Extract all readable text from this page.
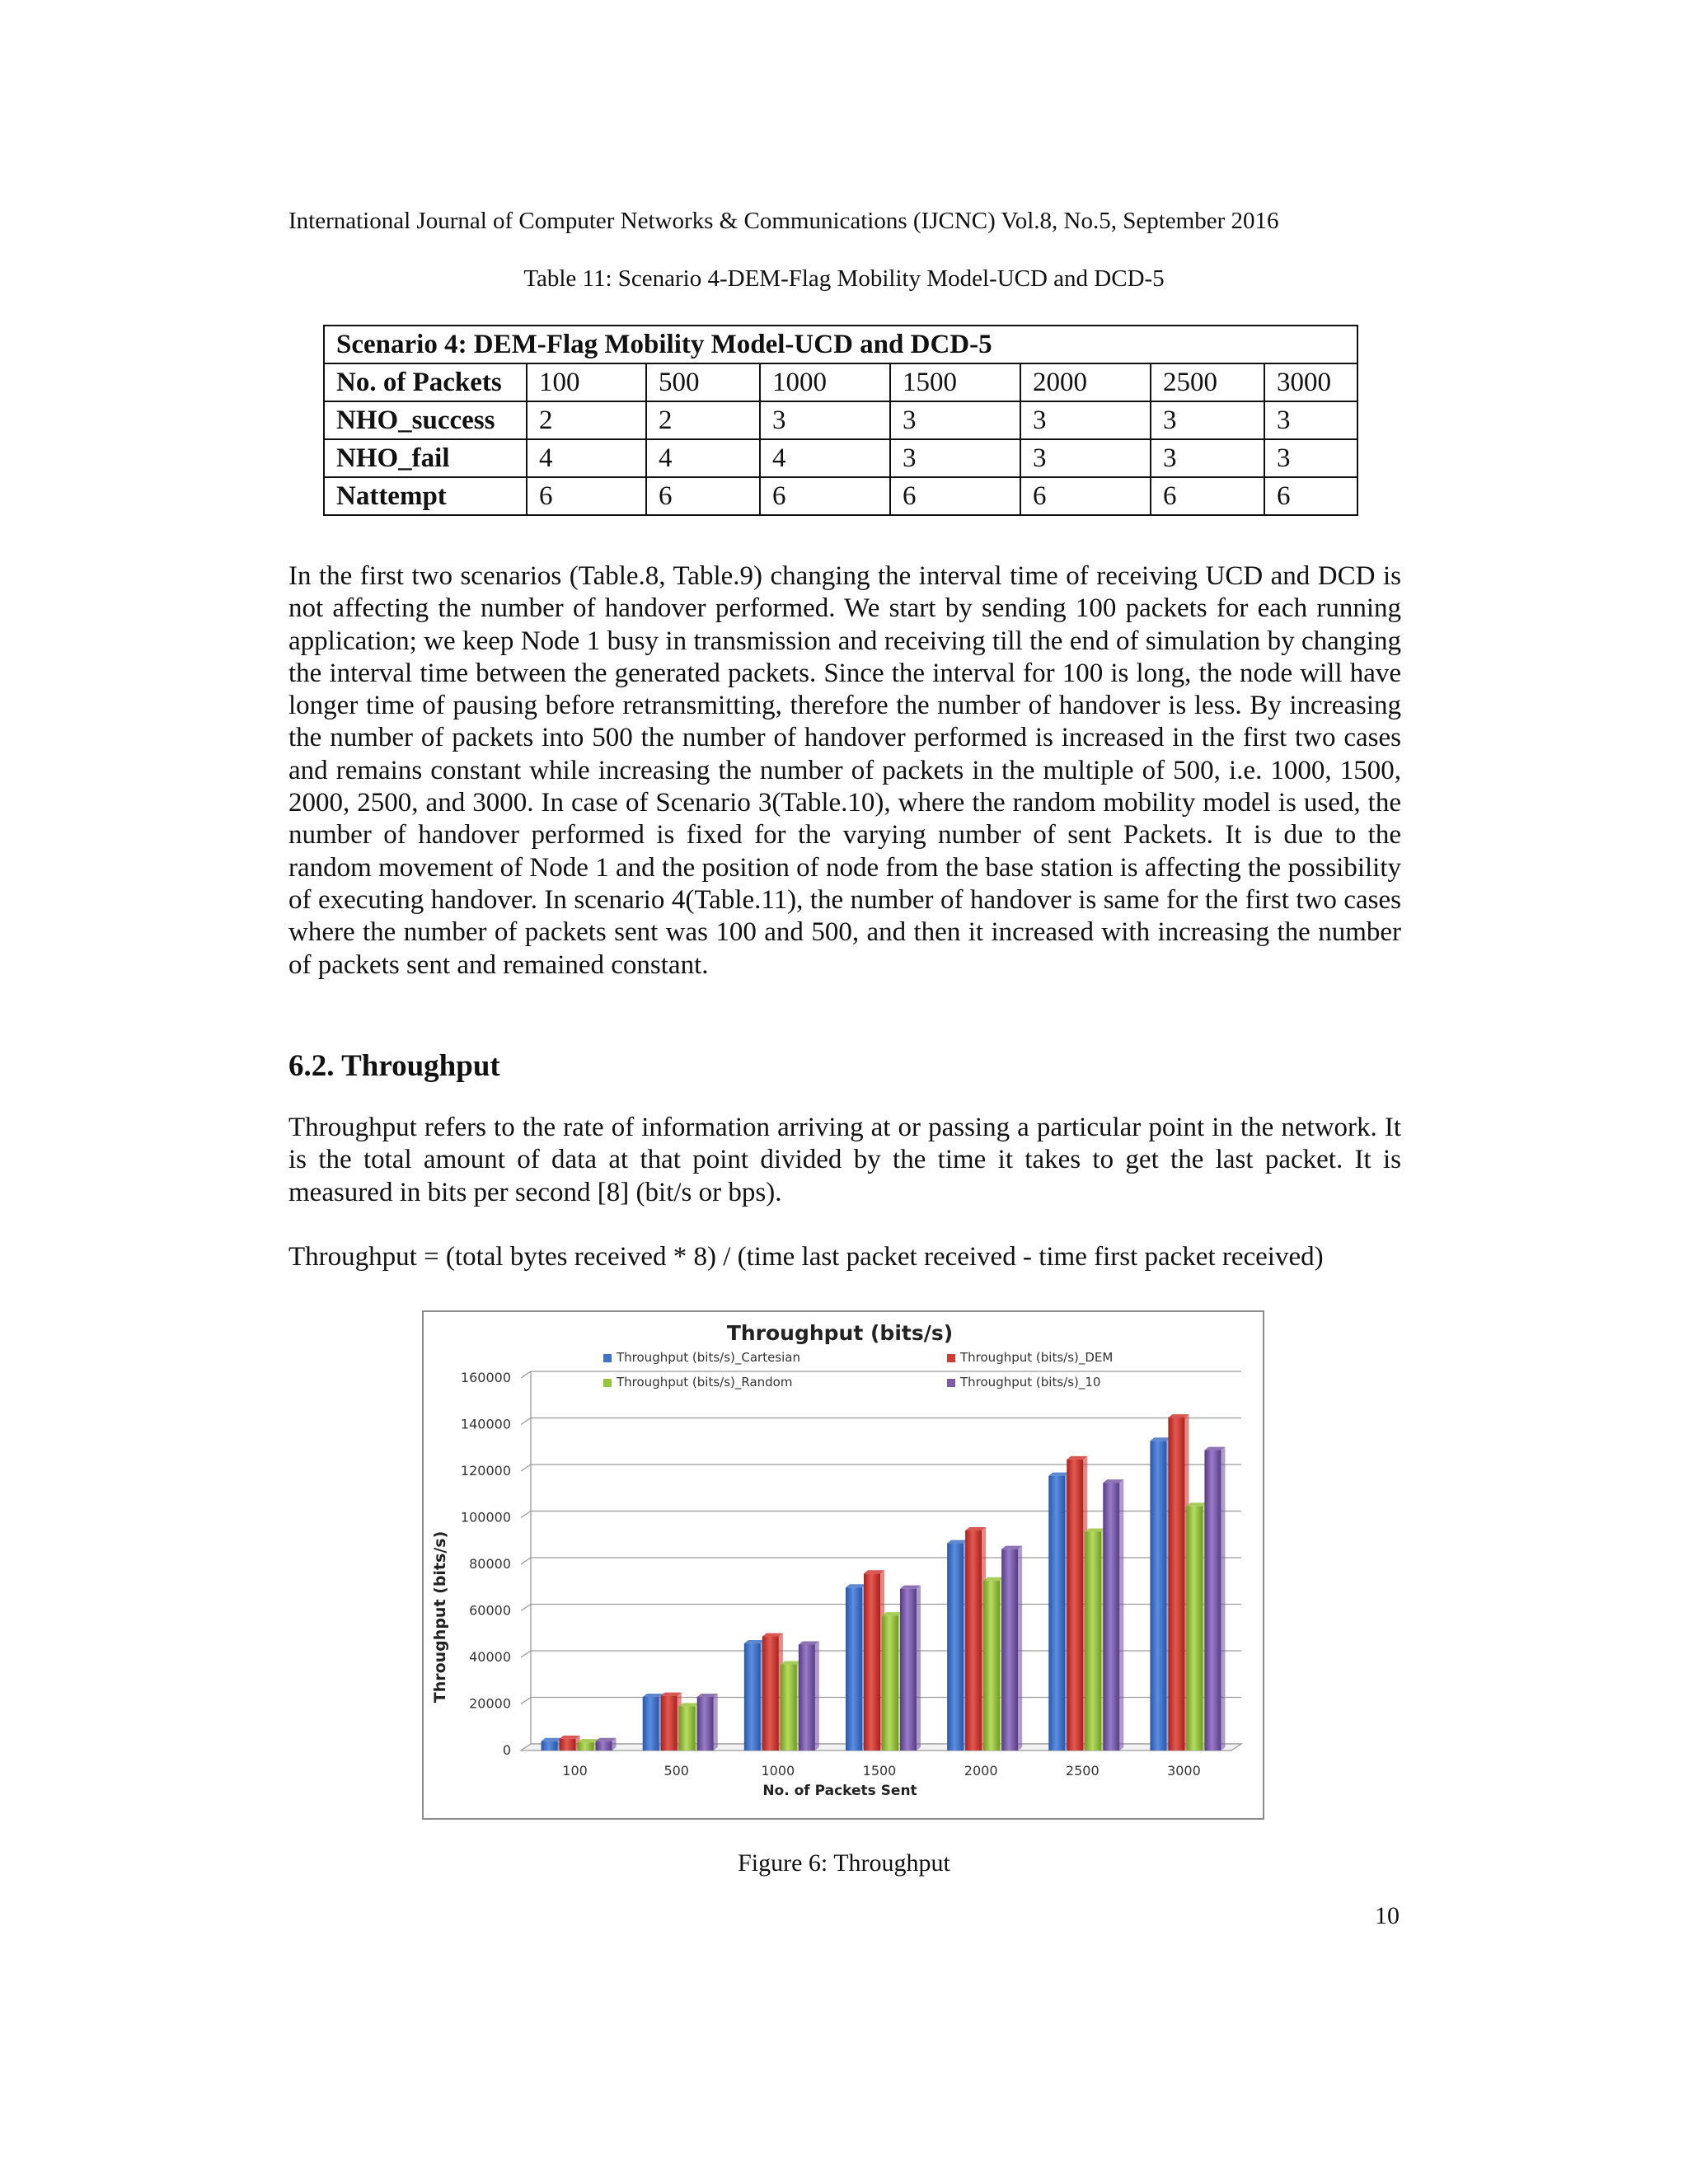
International Journal of Computer Networks & Communications (IJCNC) Vol.8, No.5, September 2016
Table 11: Scenario 4-DEM-Flag Mobility Model-UCD and DCD-5
Scenario 4: DEM-Flag Mobility Model-UCD and DCD-5							
No. of Packets	100	500	1000	1500	2000	2500	3000
NHO_success	2	2	3	3	3	3	3
NHO_fail	4	4	4	3	3	3	3
Nattempt	6	6	6	6	6	6	6

In the first two scenarios (Table.8, Table.9) changing the interval time of receiving UCD and DCD is not affecting the number of handover performed. We start by sending 100 packets for each running application; we keep Node 1 busy in transmission and receiving till the end of simulation by changing the interval time between the generated packets. Since the interval for 100 is long, the node will have longer time of pausing before retransmitting, therefore the number of handover is less. By increasing the number of packets into 500 the number of handover performed is increased in the first two cases and remains constant while increasing the number of packets in the multiple of 500, i.e. 1000, 1500, 2000, 2500, and 3000. In case of Scenario 3(Table.10), where the random mobility model is used, the number of handover performed is fixed for the varying number of sent Packets. It is due to the random movement of Node 1 and the position of node from the base station is affecting the possibility of executing handover. In scenario 4(Table.11), the number of handover is same for the first two cases where the number of packets sent was 100 and 500, and then it increased with increasing the number of packets sent and remained constant.

6.2. Throughput

Throughput refers to the rate of information arriving at or passing a particular point in the network. It is the total amount of data at that point divided by the time it takes to get the last packet. It is measured in bits per second [8] (bit/s or bps).

Throughput = (total bytes received * 8) / (time last packet received - time first packet received)

Throughput (bits/s)
0
20000
40000
60000
80000
100000
120000
140000
160000
Throughput (bits/s)_Cartesian	Throughput (bits/s)_DEM
Throughput (bits/s)_Random	Throughput (bits/s)_10
100	500	1000	1500	2000	2500	3000
Throughput (bits/s)
No. of Packets Sent
Figure 6: Throughput
10
